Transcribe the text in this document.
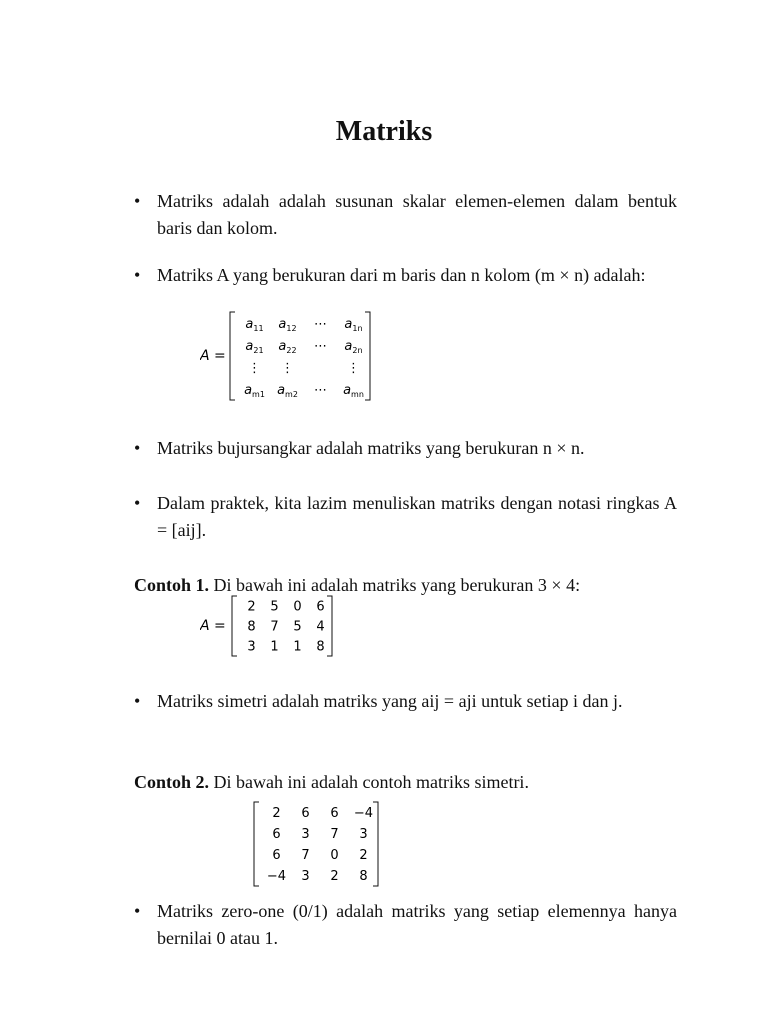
Matriks
• Matriks adalah adalah susunan skalar elemen-elemen dalam bentuk baris dan kolom.
• Matriks A yang berukuran dari m baris dan n kolom (m × n) adalah:
A =
$a_{11}$ $a_{12}$ ⋯ $a_{1n}$
$a_{21}$ $a_{22}$ ⋯ $a_{2n}$
⋮ ⋮	⋮
$a_{m1}$ $a_{m2}$ ⋯ $a_{mn}$
• Matriks bujursangkar adalah matriks yang berukuran n × n.
• Dalam praktek, kita lazim menuliskan matriks dengan notasi ringkas A = [aij].
Contoh 1. Di bawah ini adalah matriks yang berukuran 3 × 4:
A =
2 5 0 6
8 7 5 4
3 1 1 8
• Matriks simetri adalah matriks yang aij = aji untuk setiap i dan j.
Contoh 2. Di bawah ini adalah contoh matriks simetri.
2 6 6 −4
6 3 7 3
6 7 0 2
−4 3 2 8
• Matriks zero-one (0/1) adalah matriks yang setiap elemennya hanya bernilai 0 atau 1.
